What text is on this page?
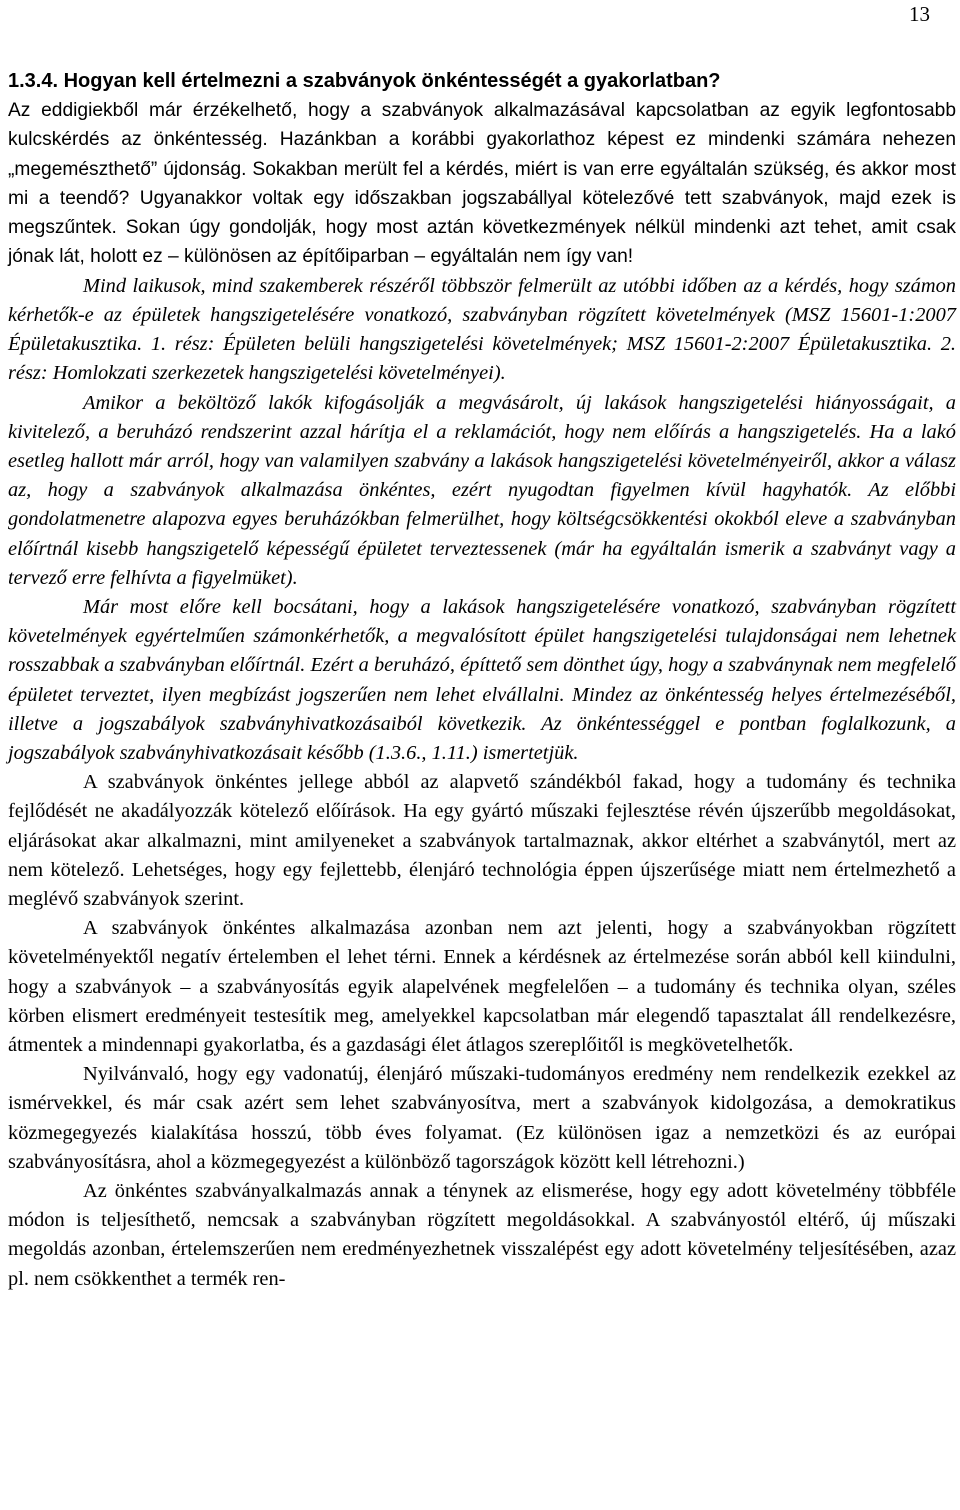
13
1.3.4. Hogyan kell értelmezni a szabványok önkéntességét a gyakorlatban?

Az eddigiekből már érzékelhető, hogy a szabványok alkalmazásával kapcsolatban az egyik legfontosabb kulcskérdés az önkéntesség. Hazánkban a korábbi gyakorlathoz képest ez mindenki számára nehezen „megemészthető” újdonság. Sokakban merült fel a kérdés, miért is van erre egyáltalán szükség, és akkor most mi a teendő? Ugyanakkor voltak egy időszakban jogszabállyal kötelezővé tett szabványok, majd ezek is megszűntek. Sokan úgy gondolják, hogy most aztán következmények nélkül mindenki azt tehet, amit csak jónak lát, holott ez – különösen az építőiparban – egyáltalán nem így van!

Mind laikusok, mind szakemberek részéről többször felmerült az utóbbi időben az a kérdés, hogy számon kérhetők-e az épületek hangszigetelésére vonatkozó, szabványban rögzített követelmények (MSZ 15601-1:2007 Épületakusztika. 1. rész: Épületen belüli hangszigetelési követelmények; MSZ 15601-2:2007 Épületakusztika. 2. rész: Homlokzati szerkezetek hangszigetelési követelményei).

Amikor a beköltöző lakók kifogásolják a megvásárolt, új lakások hangszigetelési hiányosságait, a kivitelező, a beruházó rendszerint azzal hárítja el a reklamációt, hogy nem előírás a hangszigetelés. Ha a lakó esetleg hallott már arról, hogy van valamilyen szabvány a lakások hangszigetelési követelményeiről, akkor a válasz az, hogy a szabványok alkalmazása önkéntes, ezért nyugodtan figyelmen kívül hagyhatók. Az előbbi gondolatmenetre alapozva egyes beruházókban felmerülhet, hogy költségcsökkentési okokból eleve a szabványban előírtnál kisebb hangszigetelő képességű épületet terveztessenek (már ha egyáltalán ismerik a szabványt vagy a tervező erre felhívta a figyelmüket).

Már most előre kell bocsátani, hogy a lakások hangszigetelésére vonatkozó, szabványban rögzített követelmények egyértelműen számonkérhetők, a megvalósított épület hangszigetelési tulajdonságai nem lehetnek rosszabbak a szabványban előírtnál. Ezért a beruházó, építtető sem dönthet úgy, hogy a szabványnak nem megfelelő épületet terveztet, ilyen megbízást jogszerűen nem lehet elvállalni. Mindez az önkéntesség helyes értelmezéséből, illetve a jogszabályok szabványhivatkozásaiból következik. Az önkéntességgel e pontban foglalkozunk, a jogszabályok szabványhivatkozásait később (1.3.6., 1.11.) ismertetjük.

A szabványok önkéntes jellege abból az alapvető szándékból fakad, hogy a tudomány és technika fejlődését ne akadályozzák kötelező előírások. Ha egy gyártó műszaki fejlesztése révén újszerűbb megoldásokat, eljárásokat akar alkalmazni, mint amilyeneket a szabványok tartalmaznak, akkor eltérhet a szabványtól, mert az nem kötelező. Lehetséges, hogy egy fejlettebb, élenjáró technológia éppen újszerűsége miatt nem értelmezhető a meglévő szabványok szerint.

A szabványok önkéntes alkalmazása azonban nem azt jelenti, hogy a szabványokban rögzített követelményektől negatív értelemben el lehet térni. Ennek a kérdésnek az értelmezése során abból kell kiindulni, hogy a szabványok – a szabványosítás egyik alapelvének megfelelően – a tudomány és technika olyan, széles körben elismert eredményeit testesítik meg, amelyekkel kapcsolatban már elegendő tapasztalat áll rendelkezésre, átmentek a mindennapi gyakorlatba, és a gazdasági élet átlagos szereplőitől is megkövetelhetők.

Nyilvánvaló, hogy egy vadonatúj, élenjáró műszaki-tudományos eredmény nem rendelkezik ezekkel az ismérvekkel, és már csak azért sem lehet szabványosítva, mert a szabványok kidolgozása, a demokratikus közmegegyezés kialakítása hosszú, több éves folyamat. (Ez különösen igaz a nemzetközi és az európai szabványosításra, ahol a közmegegyezést a különböző tagországok között kell létrehozni.)

Az önkéntes szabványalkalmazás annak a ténynek az elismerése, hogy egy adott követelmény többféle módon is teljesíthető, nemcsak a szabványban rögzített megoldásokkal. A szabványostól eltérő, új műszaki megoldás azonban, értelemszerűen nem eredményezhetnek visszalépést egy adott követelmény teljesítésében, azaz pl. nem csökkenthet a termék ren-
